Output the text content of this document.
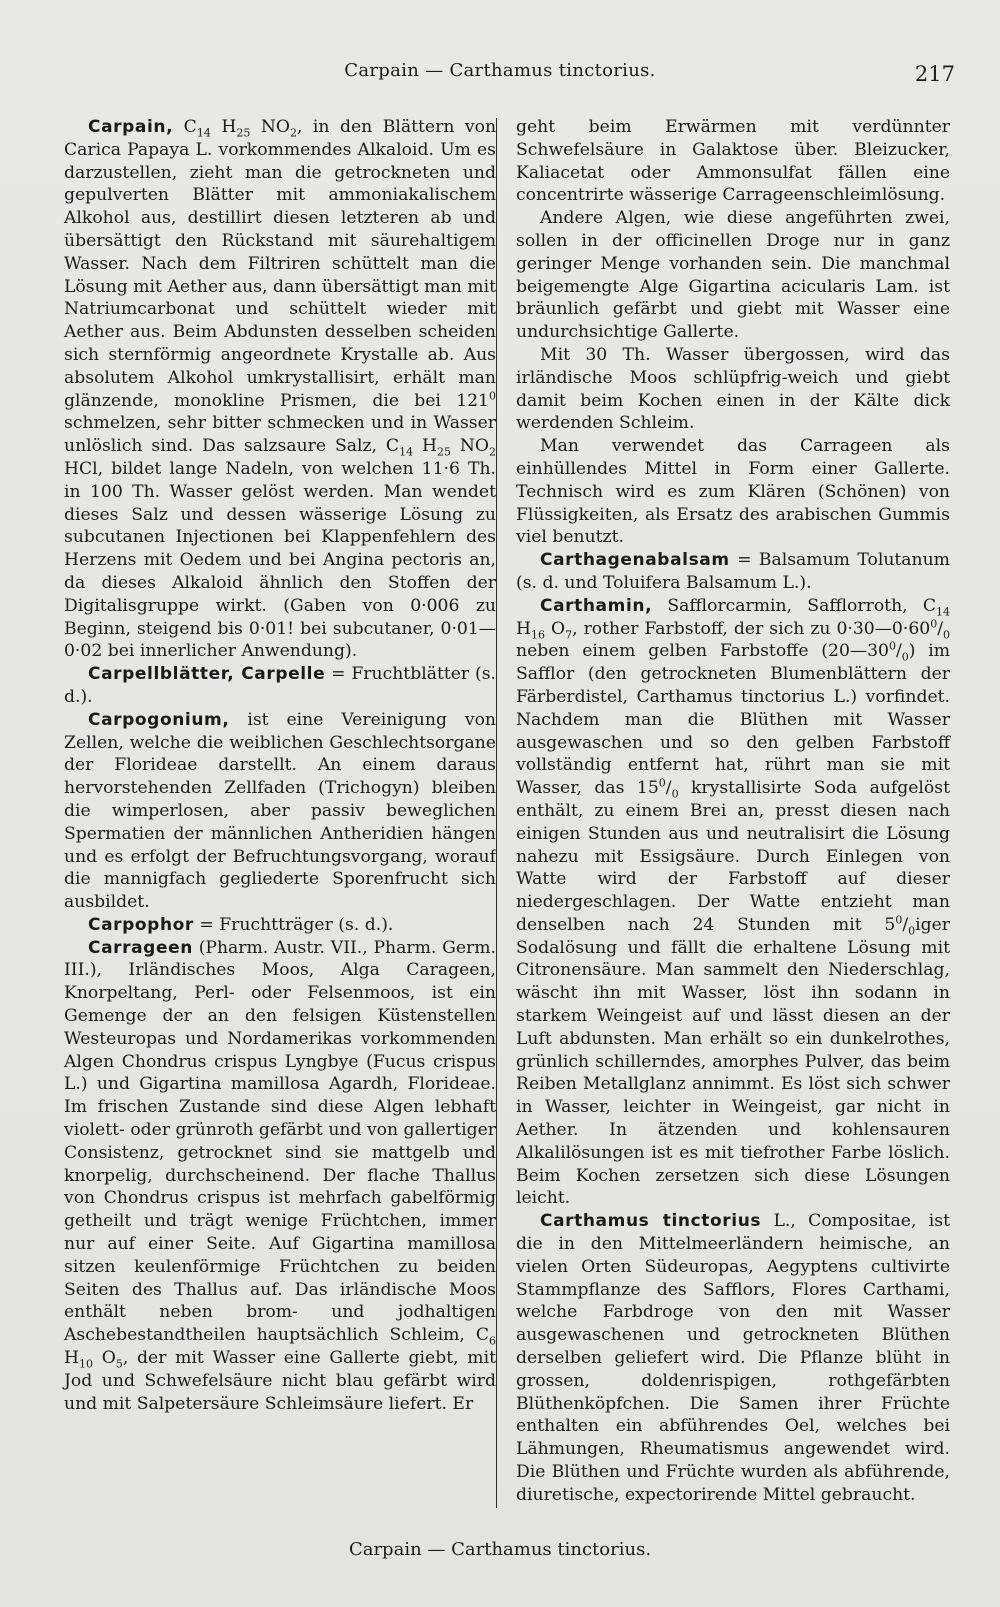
Carpain — Carthamus tinctorius.	217

Carpain, $C_{14}$ $H_{25}$ $NO_2$, in den Blättern von Carica Papaya L. vorkommendes Alkaloid. Um es darzustellen, zieht man die getrockneten und gepulverten Blätter mit ammoniakalischem Alkohol aus, destillirt diesen letzteren ab und übersättigt den Rückstand mit säurehaltigem Wasser. Nach dem Filtriren schüttelt man die Lösung mit Aether aus, dann übersättigt man mit Natriumcarbonat und schüttelt wieder mit Aether aus. Beim Abdunsten desselben scheiden sich sternförmig angeordnete Krystalle ab. Aus absolutem Alkohol umkrystallisirt, erhält man glänzende, monokline Prismen, die bei $121^0$ schmelzen, sehr bitter schmecken und in Wasser unlöslich sind. Das salzsaure Salz, $C_{14}$ $H_{25}$ $NO_2$ HCl, bildet lange Nadeln, von welchen 11·6 Th. in 100 Th. Wasser gelöst werden. Man wendet dieses Salz und dessen wässerige Lösung zu subcutanen Injectionen bei Klappenfehlern des Herzens mit Oedem und bei Angina pectoris an, da dieses Alkaloid ähnlich den Stoffen der Digitalisgruppe wirkt. (Gaben von 0·006 zu Beginn, steigend bis 0·01! bei subcutaner, 0·01—0·02 bei innerlicher Anwendung).

Carpellblätter, Carpelle = Fruchtblätter (s. d.).

Carpogonium, ist eine Vereinigung von Zellen, welche die weiblichen Geschlechtsorgane der Florideae darstellt. An einem daraus hervorstehenden Zellfaden (Trichogyn) bleiben die wimperlosen, aber passiv beweglichen Spermatien der männlichen Antheridien hängen und es erfolgt der Befruchtungsvorgang, worauf die mannigfach gegliederte Sporenfrucht sich ausbildet.

Carpophor = Fruchtträger (s. d.).

Carrageen (Pharm. Austr. VII., Pharm. Germ. III.), Irländisches Moos, Alga Carageen, Knorpeltang, Perl- oder Felsenmoos, ist ein Gemenge der an den felsigen Küstenstellen Westeuropas und Nordamerikas vorkommenden Algen Chondrus crispus Lyngbye (Fucus crispus L.) und Gigartina mamillosa Agardh, Florideae. Im frischen Zustande sind diese Algen lebhaft violett- oder grünroth gefärbt und von gallertiger Consistenz, getrocknet sind sie mattgelb und knorpelig, durchscheinend. Der flache Thallus von Chondrus crispus ist mehrfach gabelförmig getheilt und trägt wenige Früchtchen, immer nur auf einer Seite. Auf Gigartina mamillosa sitzen keulenförmige Früchtchen zu beiden Seiten des Thallus auf. Das irländische Moos enthält neben brom- und jodhaltigen Aschebestandtheilen hauptsächlich Schleim, $C_6$ $H_{10}$ $O_5$, der mit Wasser eine Gallerte giebt, mit Jod und Schwefelsäure nicht blau gefärbt wird und mit Salpetersäure Schleimsäure liefert. Er

geht beim Erwärmen mit verdünnter Schwefelsäure in Galaktose über. Bleizucker, Kaliacetat oder Ammonsulfat fällen eine concentrirte wässerige Carrageenschleimlösung.

Andere Algen, wie diese angeführten zwei, sollen in der officinellen Droge nur in ganz geringer Menge vorhanden sein. Die manchmal beigemengte Alge Gigartina acicularis Lam. ist bräunlich gefärbt und giebt mit Wasser eine undurchsichtige Gallerte.

Mit 30 Th. Wasser übergossen, wird das irländische Moos schlüpfrig-weich und giebt damit beim Kochen einen in der Kälte dick werdenden Schleim.

Man verwendet das Carrageen als einhüllendes Mittel in Form einer Gallerte. Technisch wird es zum Klären (Schönen) von Flüssigkeiten, als Ersatz des arabischen Gummis viel benutzt.

Carthagenabalsam = Balsamum Tolutanum (s. d. und Toluifera Balsamum L.).

Carthamin, Safflorcarmin, Safflorroth, $C_{14}$ $H_{16}$ $O_7$, rother Farbstoff, der sich zu $0\cdot 30—0\cdot 60^0/_0$ neben einem gelben Farbstoffe $(20—30^0/_0)$ im Safflor (den getrockneten Blumenblättern der Färberdistel, Carthamus tinctorius L.) vorfindet. Nachdem man die Blüthen mit Wasser ausgewaschen und so den gelben Farbstoff vollständig entfernt hat, rührt man sie mit Wasser, das $15^0/_0$ krystallisirte Soda aufgelöst enthält, zu einem Brei an, presst diesen nach einigen Stunden aus und neutralisirt die Lösung nahezu mit Essigsäure. Durch Einlegen von Watte wird der Farbstoff auf dieser niedergeschlagen. Der Watte entzieht man denselben nach 24 Stunden mit $5^0/_0iger$ Sodalösung und fällt die erhaltene Lösung mit Citronensäure. Man sammelt den Niederschlag, wäscht ihn mit Wasser, löst ihn sodann in starkem Weingeist auf und lässt diesen an der Luft abdunsten. Man erhält so ein dunkelrothes, grünlich schillerndes, amorphes Pulver, das beim Reiben Metallglanz annimmt. Es löst sich schwer in Wasser, leichter in Weingeist, gar nicht in Aether. In ätzenden und kohlensauren Alkalilösungen ist es mit tiefrother Farbe löslich. Beim Kochen zersetzen sich diese Lösungen leicht.

Carthamus tinctorius L., Compositae, ist die in den Mittelmeerländern heimische, an vielen Orten Südeuropas, Aegyptens cultivirte Stammpflanze des Safflors, Flores Carthami, welche Farbdroge von den mit Wasser ausgewaschenen und getrockneten Blüthen derselben geliefert wird. Die Pflanze blüht in grossen, doldenrispigen, rothgefärbten Blüthenköpfchen. Die Samen ihrer Früchte enthalten ein abführendes Oel, welches bei Lähmungen, Rheumatismus angewendet wird. Die Blüthen und Früchte wurden als abführende, diuretische, expectorirende Mittel gebraucht.

Carpain — Carthamus tinctorius.
